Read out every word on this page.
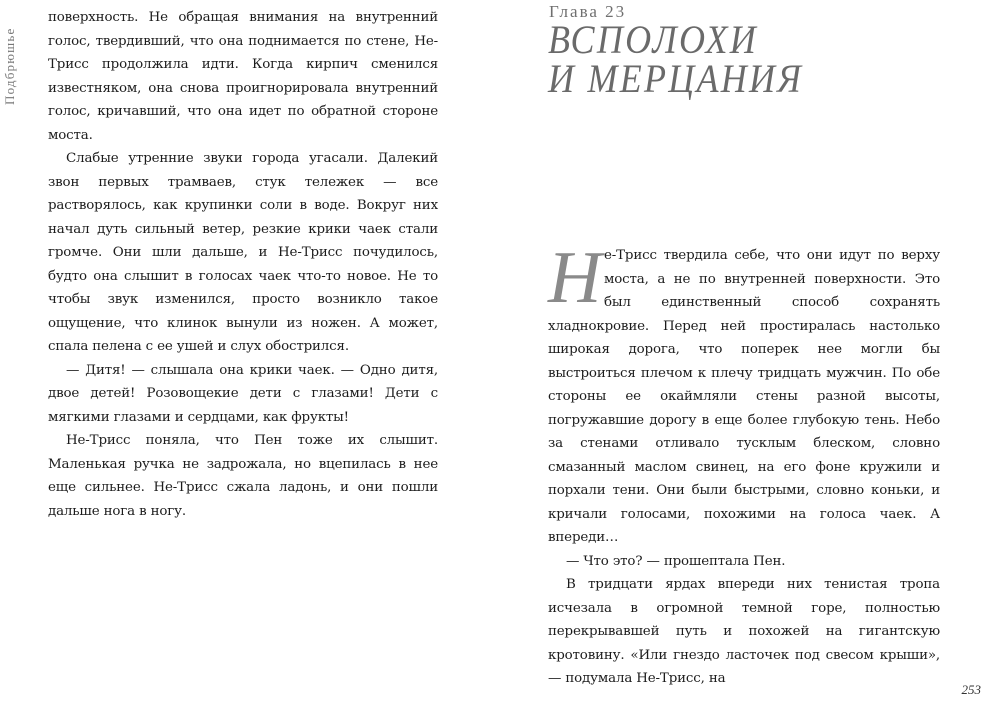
Подбрюшье

поверхность. Не обращая внимания на внутренний голос, твердивший, что она поднимается по стене, Не-Трисс продолжила идти. Когда кирпич сменился известняком, она снова проигнорировала внутренний голос, кричавший, что она идет по обратной стороне моста.

Слабые утренние звуки города угасали. Далекий звон первых трамваев, стук тележек — все растворялось, как крупинки соли в воде. Вокруг них начал дуть сильный ветер, резкие крики чаек стали громче. Они шли дальше, и Не-Трисс почудилось, будто она слышит в голосах чаек что-то новое. Не то чтобы звук изменился, просто возникло такое ощущение, что клинок вынули из ножен. А может, спала пелена с ее ушей и слух обострился.

— Дитя! — слышала она крики чаек. — Одно дитя, двое детей! Розовощекие дети с глазами! Дети с мягкими глазами и сердцами, как фрукты!

Не-Трисс поняла, что Пен тоже их слышит. Маленькая ручка не задрожала, но вцепилась в нее еще сильнее. Не-Трисс сжала ладонь, и они пошли дальше нога в ногу.

Глава 23
ВСПОЛОХИ
И МЕРЦАНИЯ

Не-Трисс твердила себе, что они идут по верху моста, а не по внутренней поверхности. Это был единственный способ сохранять хладнокровие. Перед ней простиралась настолько широкая дорога, что поперек нее могли бы выстроиться плечом к плечу тридцать мужчин. По обе стороны ее окаймляли стены разной высоты, погружавшие дорогу в еще более глубокую тень. Небо за стенами отливало тусклым блеском, словно смазанный маслом свинец, на его фоне кружили и порхали тени. Они были быстрыми, словно коньки, и кричали голосами, похожими на голоса чаек. А впереди…

— Что это? — прошептала Пен.

В тридцати ярдах впереди них тенистая тропа исчезала в огромной темной горе, полностью перекрывавшей путь и похожей на гигантскую кротовину. «Или гнездо ласточек под свесом крыши», — подумала Не-Трисс, на

253
